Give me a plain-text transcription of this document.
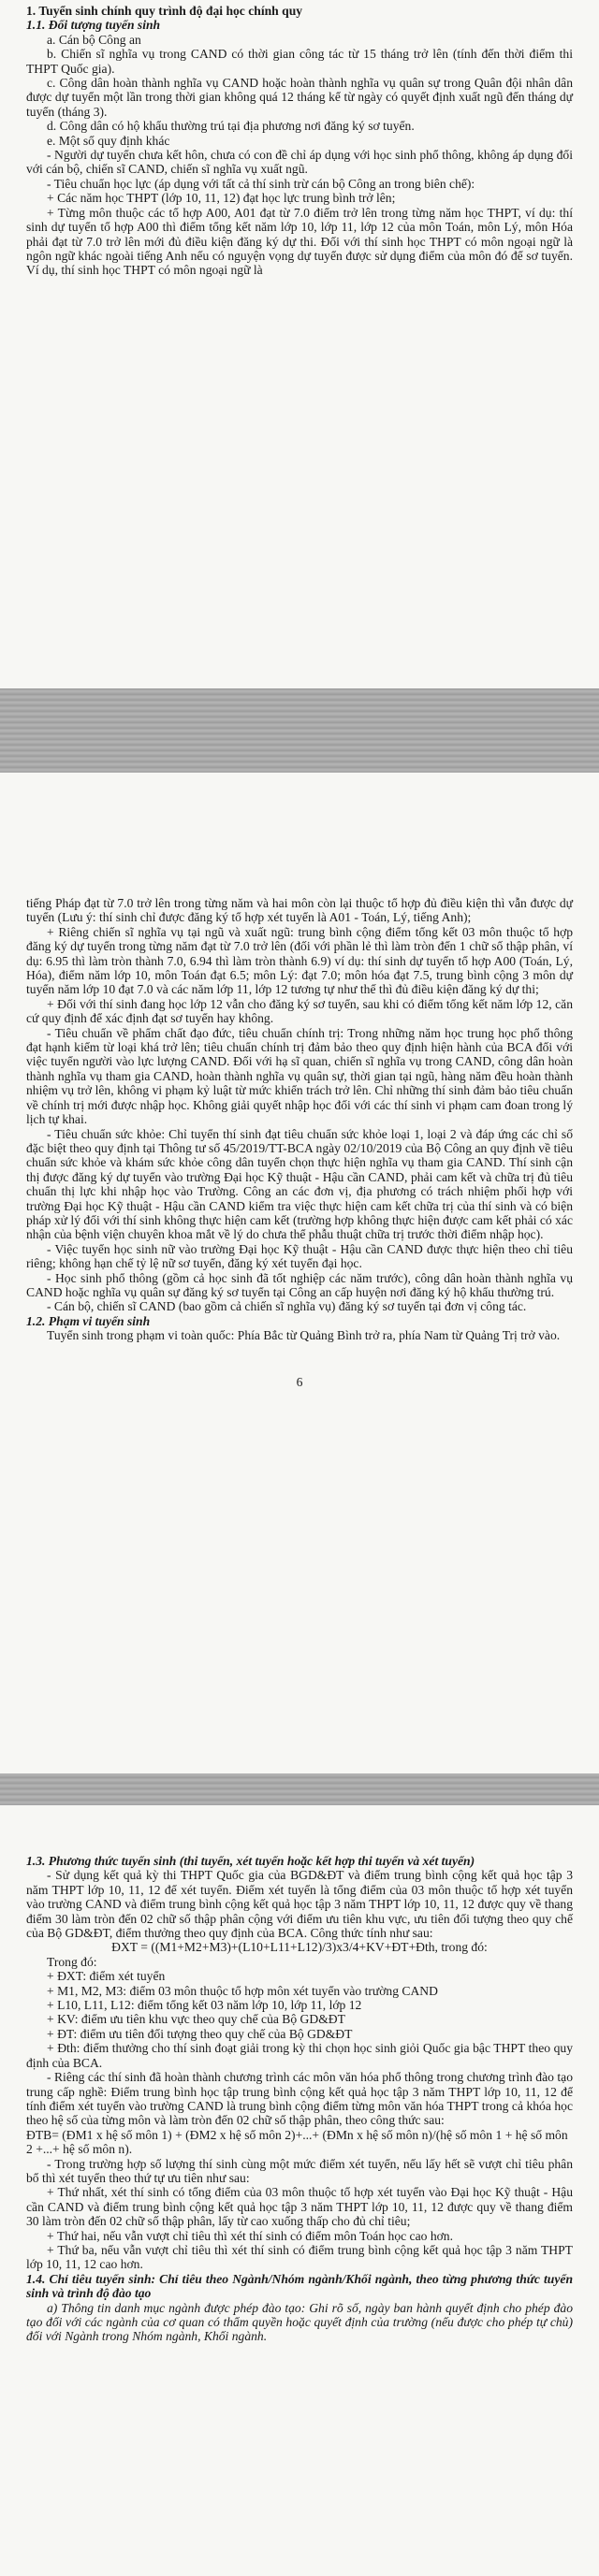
1. Tuyển sinh chính quy trình độ đại học chính quy

1.1. Đối tượng tuyển sinh

a. Cán bộ Công an

b. Chiến sĩ nghĩa vụ trong CAND có thời gian công tác từ 15 tháng trở lên (tính đến thời điểm thi THPT Quốc gia).

c. Công dân hoàn thành nghĩa vụ CAND hoặc hoàn thành nghĩa vụ quân sự trong Quân đội nhân dân được dự tuyển một lần trong thời gian không quá 12 tháng kể từ ngày có quyết định xuất ngũ đến tháng dự tuyển (tháng 3).

d. Công dân có hộ khẩu thường trú tại địa phương nơi đăng ký sơ tuyển.

e. Một số quy định khác

- Người dự tuyển chưa kết hôn, chưa có con đề chỉ áp dụng với học sinh phổ thông, không áp dụng đối với cán bộ, chiến sĩ CAND, chiến sĩ nghĩa vụ xuất ngũ.

- Tiêu chuẩn học lực (áp dụng với tất cả thí sinh trừ cán bộ Công an trong biên chế):

+ Các năm học THPT (lớp 10, 11, 12) đạt học lực trung bình trở lên;

+ Từng môn thuộc các tổ hợp A00, A01 đạt từ 7.0 điểm trở lên trong từng năm học THPT, ví dụ: thí sinh dự tuyển tổ hợp A00 thì điểm tổng kết năm lớp 10, lớp 11, lớp 12 của môn Toán, môn Lý, môn Hóa phải đạt từ 7.0 trở lên mới đủ điều kiện đăng ký dự thi. Đối với thí sinh học THPT có môn ngoại ngữ là ngôn ngữ khác ngoài tiếng Anh nếu có nguyện vọng dự tuyển được sử dụng điểm của môn đó để sơ tuyển. Ví dụ, thí sinh học THPT có môn ngoại ngữ là

tiếng Pháp đạt từ 7.0 trở lên trong từng năm và hai môn còn lại thuộc tổ hợp đủ điều kiện thì vẫn được dự tuyển (Lưu ý: thí sinh chỉ được đăng ký tổ hợp xét tuyển là A01 - Toán, Lý, tiếng Anh);

+ Riêng chiến sĩ nghĩa vụ tại ngũ và xuất ngũ: trung bình cộng điểm tổng kết 03 môn thuộc tổ hợp đăng ký dự tuyển trong từng năm đạt từ 7.0 trở lên (đối với phần lẻ thì làm tròn đến 1 chữ số thập phân, ví dụ: 6.95 thì làm tròn thành 7.0, 6.94 thì làm tròn thành 6.9) ví dụ: thí sinh dự tuyển tổ hợp A00 (Toán, Lý, Hóa), điểm năm lớp 10, môn Toán đạt 6.5; môn Lý: đạt 7.0; môn hóa đạt 7.5, trung bình cộng 3 môn dự tuyển năm lớp 10 đạt 7.0 và các năm lớp 11, lớp 12 tương tự như thế thì đủ điều kiện đăng ký dự thi;

+ Đối với thí sinh đang học lớp 12 vẫn cho đăng ký sơ tuyển, sau khi có điểm tổng kết năm lớp 12, căn cứ quy định để xác định đạt sơ tuyển hay không.

- Tiêu chuẩn về phẩm chất đạo đức, tiêu chuẩn chính trị: Trong những năm học trung học phổ thông đạt hạnh kiểm từ loại khá trở lên; tiêu chuẩn chính trị đảm bảo theo quy định hiện hành của BCA đối với việc tuyển người vào lực lượng CAND. Đối với hạ sĩ quan, chiến sĩ nghĩa vụ trong CAND, công dân hoàn thành nghĩa vụ tham gia CAND, hoàn thành nghĩa vụ quân sự, thời gian tại ngũ, hàng năm đều hoàn thành nhiệm vụ trở lên, không vi phạm kỷ luật từ mức khiển trách trở lên. Chỉ những thí sinh đảm bảo tiêu chuẩn về chính trị mới được nhập học. Không giải quyết nhập học đối với các thí sinh vi phạm cam đoan trong lý lịch tự khai.

- Tiêu chuẩn sức khỏe: Chỉ tuyển thí sinh đạt tiêu chuẩn sức khỏe loại 1, loại 2 và đáp ứng các chỉ số đặc biệt theo quy định tại Thông tư số 45/2019/TT-BCA ngày 02/10/2019 của Bộ Công an quy định về tiêu chuẩn sức khỏe và khám sức khỏe công dân tuyển chọn thực hiện nghĩa vụ tham gia CAND. Thí sinh cận thị được đăng ký dự tuyển vào trường Đại học Kỹ thuật - Hậu cần CAND, phải cam kết và chữa trị đủ tiêu chuẩn thị lực khi nhập học vào Trường. Công an các đơn vị, địa phương có trách nhiệm phối hợp với trường Đại học Kỹ thuật - Hậu cần CAND kiểm tra việc thực hiện cam kết chữa trị của thí sinh và có biện pháp xử lý đối với thí sinh không thực hiện cam kết (trường hợp không thực hiện được cam kết phải có xác nhận của bệnh viện chuyên khoa mắt về lý do chưa thể phẫu thuật chữa trị trước thời điểm nhập học).

- Việc tuyển học sinh nữ vào trường Đại học Kỹ thuật - Hậu cần CAND được thực hiện theo chỉ tiêu riêng; không hạn chế tỷ lệ nữ sơ tuyển, đăng ký xét tuyển đại học.

- Học sinh phổ thông (gồm cả học sinh đã tốt nghiệp các năm trước), công dân hoàn thành nghĩa vụ CAND hoặc nghĩa vụ quân sự đăng ký sơ tuyển tại Công an cấp huyện nơi đăng ký hộ khẩu thường trú.

- Cán bộ, chiến sĩ CAND (bao gồm cả chiến sĩ nghĩa vụ) đăng ký sơ tuyển tại đơn vị công tác.

1.2. Phạm vi tuyển sinh

Tuyển sinh trong phạm vi toàn quốc: Phía Bắc từ Quảng Bình trở ra, phía Nam từ Quảng Trị trở vào.

6

1.3. Phương thức tuyển sinh (thi tuyển, xét tuyển hoặc kết hợp thi tuyển và xét tuyển)

- Sử dụng kết quả kỳ thi THPT Quốc gia của BGD&ĐT và điểm trung bình cộng kết quả học tập 3 năm THPT lớp 10, 11, 12 để xét tuyển. Điểm xét tuyển là tổng điểm của 03 môn thuộc tổ hợp xét tuyển vào trường CAND và điểm trung bình cộng kết quả học tập 3 năm THPT lớp 10, 11, 12 được quy về thang điểm 30 làm tròn đến 02 chữ số thập phân cộng với điểm ưu tiên khu vực, ưu tiên đối tượng theo quy chế của Bộ GD&ĐT, điểm thưởng theo quy định của BCA. Công thức tính như sau:

ĐXT = ((M1+M2+M3)+(L10+L11+L12)/3)x3/4+KV+ĐT+Đth, trong đó:

Trong đó:

+ ĐXT: điểm xét tuyển

+ M1, M2, M3: điểm 03 môn thuộc tổ hợp môn xét tuyển vào trường CAND

+ L10, L11, L12: điểm tổng kết 03 năm lớp 10, lớp 11, lớp 12

+ KV: điểm ưu tiên khu vực theo quy chế của Bộ GD&ĐT

+ ĐT: điểm ưu tiên đối tượng theo quy chế của Bộ GD&ĐT

+ Đth: điểm thưởng cho thí sinh đoạt giải trong kỳ thi chọn học sinh giỏi Quốc gia bậc THPT theo quy định của BCA.

- Riêng các thí sinh đã hoàn thành chương trình các môn văn hóa phổ thông trong chương trình đào tạo trung cấp nghề: Điểm trung bình học tập trung bình cộng kết quả học tập 3 năm THPT lớp 10, 11, 12 để tính điểm xét tuyển vào trường CAND là trung bình cộng điểm từng môn văn hóa THPT trong cả khóa học theo hệ số của từng môn và làm tròn đến 02 chữ số thập phân, theo công thức sau:

ĐTB= (ĐM1 x hệ số môn 1) + (ĐM2 x hệ số môn 2)+...+ (ĐMn x hệ số môn n)/(hệ số môn 1 + hệ số môn 2 +...+ hệ số môn n).

- Trong trường hợp số lượng thí sinh cùng một mức điểm xét tuyển, nếu lấy hết sẽ vượt chỉ tiêu phân bổ thì xét tuyển theo thứ tự ưu tiên như sau:

+ Thứ nhất, xét thí sinh có tổng điểm của 03 môn thuộc tổ hợp xét tuyển vào Đại học Kỹ thuật - Hậu cần CAND và điểm trung bình cộng kết quả học tập 3 năm THPT lớp 10, 11, 12 được quy về thang điểm 30 làm tròn đến 02 chữ số thập phân, lấy từ cao xuống thấp cho đủ chỉ tiêu;

+ Thứ hai, nếu vẫn vượt chỉ tiêu thì xét thí sinh có điểm môn Toán học cao hơn.

+ Thứ ba, nếu vẫn vượt chỉ tiêu thì xét thí sinh có điểm trung bình cộng kết quả học tập 3 năm THPT lớp 10, 11, 12 cao hơn.

1.4. Chỉ tiêu tuyển sinh: Chỉ tiêu theo Ngành/Nhóm ngành/Khối ngành, theo từng phương thức tuyển sinh và trình độ đào tạo

a) Thông tin danh mục ngành được phép đào tạo: Ghi rõ số, ngày ban hành quyết định cho phép đào tạo đối với các ngành của cơ quan có thẩm quyền hoặc quyết định của trường (nếu được cho phép tự chủ) đối với Ngành trong Nhóm ngành, Khối ngành.
